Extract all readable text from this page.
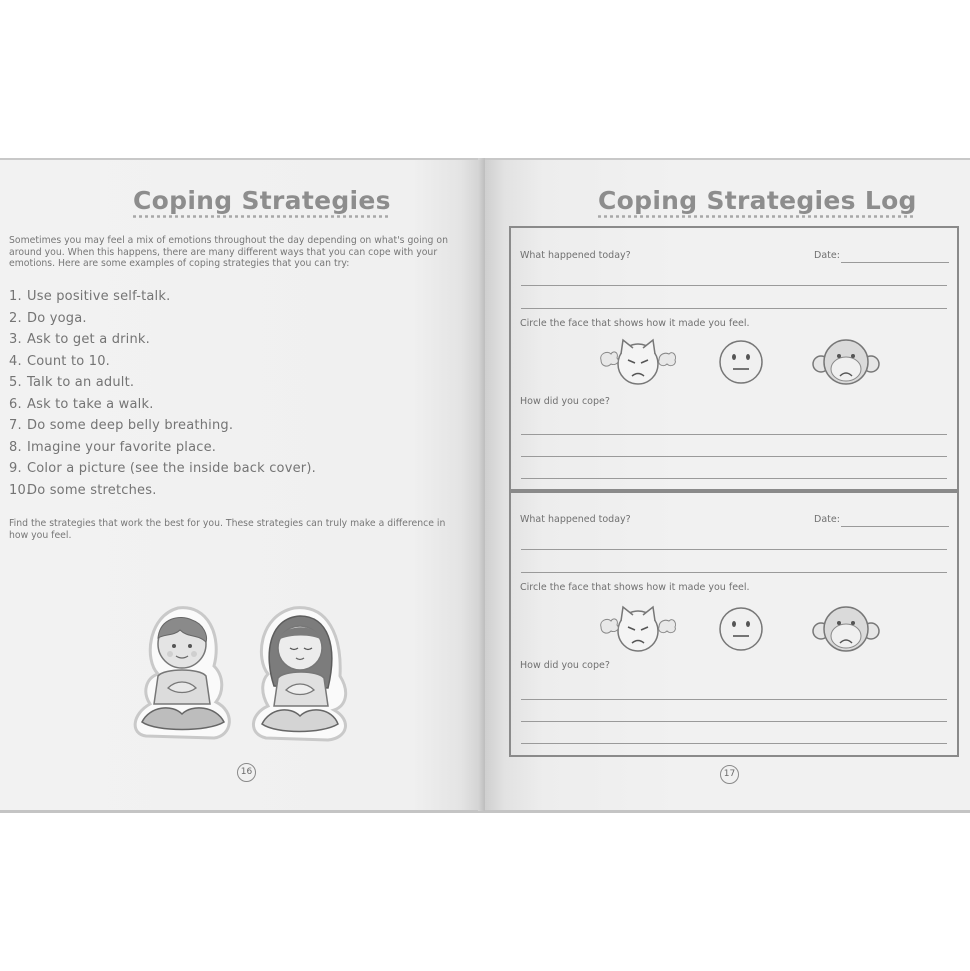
Coping Strategies
Sometimes you may feel a mix of emotions throughout the day depending on what's going on around you. When this happens, there are many different ways that you can cope with your emotions. Here are some examples of coping strategies that you can try:
1. Use positive self-talk.
2. Do yoga.
3. Ask to get a drink.
4. Count to 10.
5. Talk to an adult.
6. Ask to take a walk.
7. Do some deep belly breathing.
8. Imagine your favorite place.
9. Color a picture (see the inside back cover).
10.Do some stretches.
Find the strategies that work the best for you. These strategies can truly make a difference in how you feel.
16
Coping Strategies Log
What happened today?	Date:
Circle the face that shows how it made you feel.
How did you cope?
What happened today?	Date:
Circle the face that shows how it made you feel.
How did you cope?
17
